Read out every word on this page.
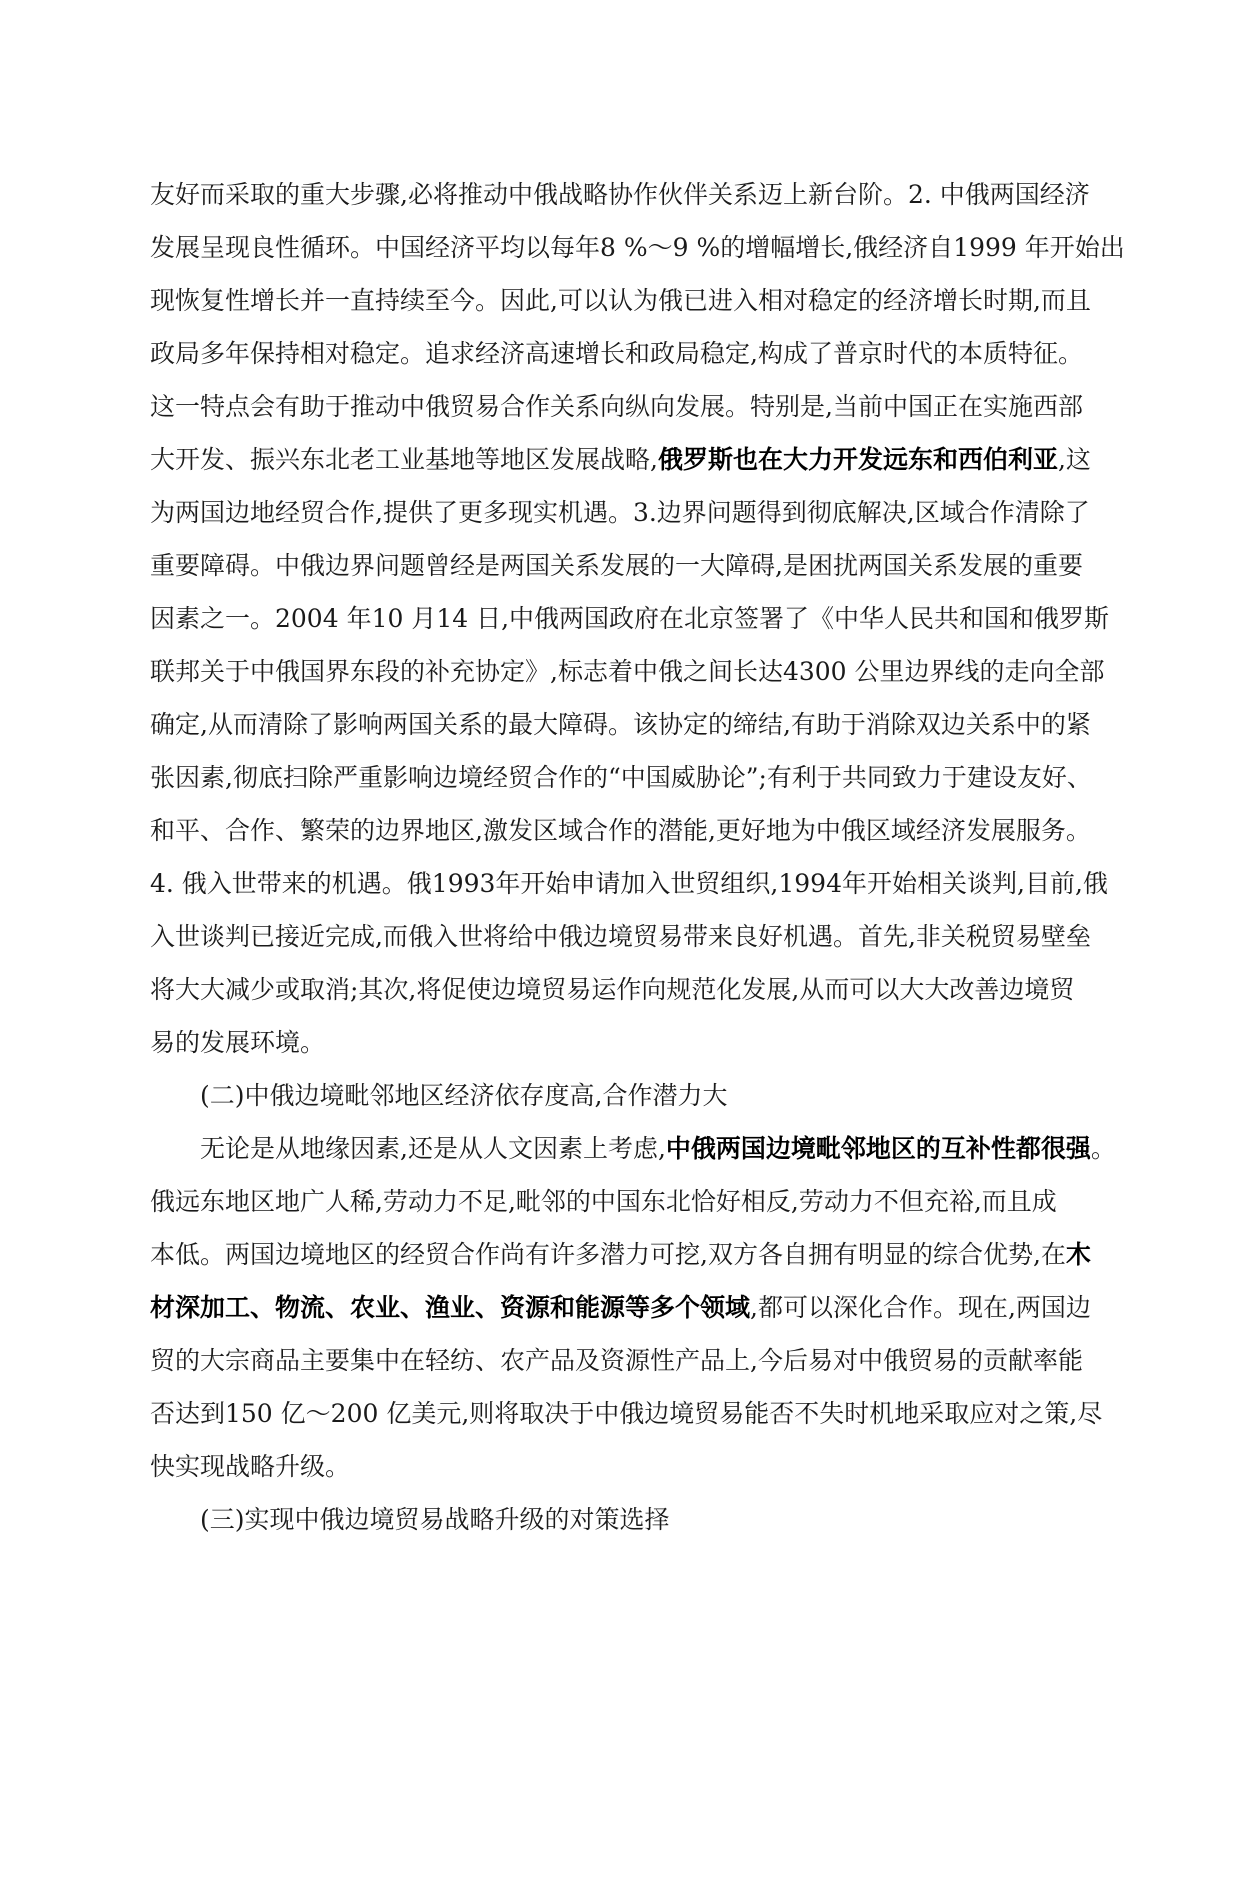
友好而采取的重大步骤,必将推动中俄战略协作伙伴关系迈上新台阶。2. 中俄两国经济
发展呈现良性循环。中国经济平均以每年8 %～9 %的增幅增长,俄经济自1999 年开始出
现恢复性增长并一直持续至今。因此,可以认为俄已进入相对稳定的经济增长时期,而且
政局多年保持相对稳定。追求经济高速增长和政局稳定,构成了普京时代的本质特征。
这一特点会有助于推动中俄贸易合作关系向纵向发展。特别是,当前中国正在实施西部
大开发、振兴东北老工业基地等地区发展战略,俄罗斯也在大力开发远东和西伯利亚,这
为两国边地经贸合作,提供了更多现实机遇。3.边界问题得到彻底解决,区域合作清除了
重要障碍。中俄边界问题曾经是两国关系发展的一大障碍,是困扰两国关系发展的重要
因素之一。2004 年10 月14 日,中俄两国政府在北京签署了《中华人民共和国和俄罗斯
联邦关于中俄国界东段的补充协定》,标志着中俄之间长达4300 公里边界线的走向全部
确定,从而清除了影响两国关系的最大障碍。该协定的缔结,有助于消除双边关系中的紧
张因素,彻底扫除严重影响边境经贸合作的“中国威胁论”;有利于共同致力于建设友好、
和平、合作、繁荣的边界地区,激发区域合作的潜能,更好地为中俄区域经济发展服务。
4. 俄入世带来的机遇。俄1993年开始申请加入世贸组织,1994年开始相关谈判,目前,俄
入世谈判已接近完成,而俄入世将给中俄边境贸易带来良好机遇。首先,非关税贸易壁垒
将大大减少或取消;其次,将促使边境贸易运作向规范化发展,从而可以大大改善边境贸
易的发展环境。
(二)中俄边境毗邻地区经济依存度高,合作潜力大
无论是从地缘因素,还是从人文因素上考虑,中俄两国边境毗邻地区的互补性都很强。
俄远东地区地广人稀,劳动力不足,毗邻的中国东北恰好相反,劳动力不但充裕,而且成
本低。两国边境地区的经贸合作尚有许多潜力可挖,双方各自拥有明显的综合优势,在木
材深加工、物流、农业、渔业、资源和能源等多个领域,都可以深化合作。现在,两国边
贸的大宗商品主要集中在轻纺、农产品及资源性产品上,今后易对中俄贸易的贡献率能
否达到150 亿～200 亿美元,则将取决于中俄边境贸易能否不失时机地采取应对之策,尽
快实现战略升级。
(三)实现中俄边境贸易战略升级的对策选择
